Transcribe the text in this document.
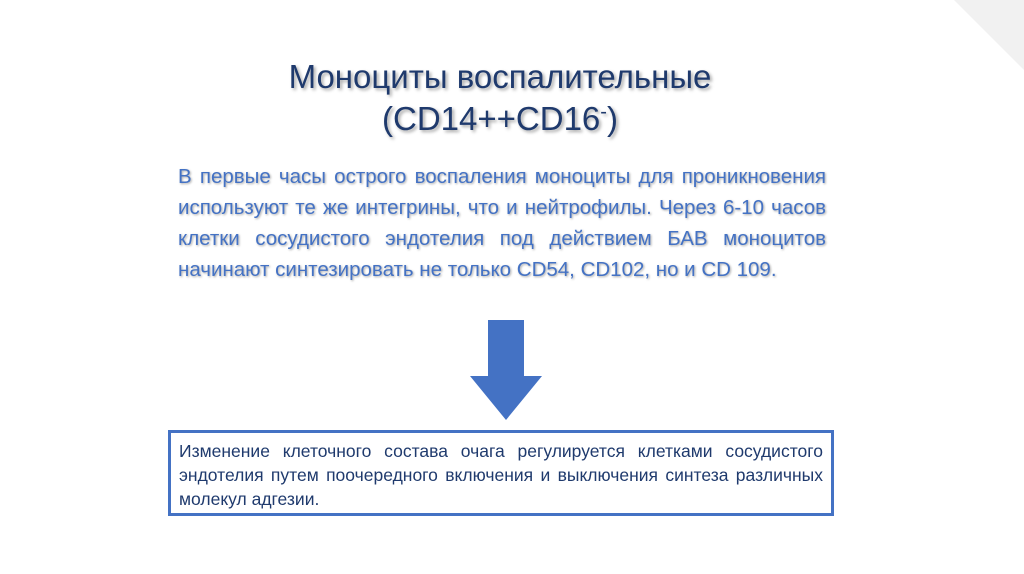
Моноциты воспалительные
(CD14++CD16-)
В первые часы острого воспаления моноциты для проникновения используют те же интегрины, что и нейтрофилы. Через 6-10 часов клетки сосудистого эндотелия под действием БАВ моноцитов начинают синтезировать не только CD54, CD102, но и CD 109.
Изменение клеточного состава очага регулируется клетками сосудистого эндотелия путем поочередного включения и выключения синтеза различных молекул адгезии.
